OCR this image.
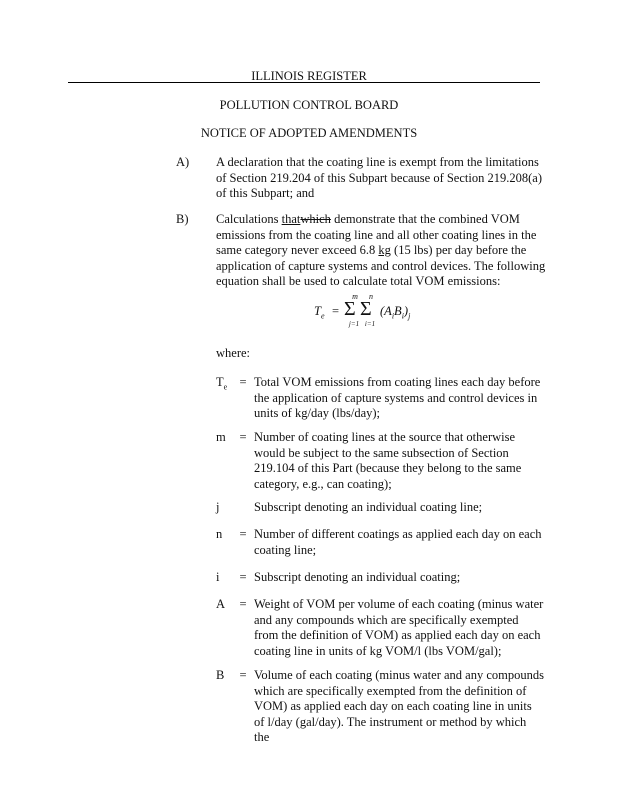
ILLINOIS REGISTER
POLLUTION CONTROL BOARD
NOTICE OF ADOPTED AMENDMENTS
A) A declaration that the coating line is exempt from the limitations of Section 219.204 of this Subpart because of Section 219.208(a) of this Subpart; and
B) Calculations thatwhich demonstrate that the combined VOM emissions from the coating line and all other coating lines in the same category never exceed 6.8 kg (15 lbs) per day before the application of capture systems and control devices. The following equation shall be used to calculate total VOM emissions:
$T_e$ =
m
Σ
j=1
n
Σ
i=1
$(A_iB_i)_j$
where:
$T_e$ = Total VOM emissions from coating lines each day before the application of capture systems and control devices in units of kg/day (lbs/day);
m	= Number of coating lines at the source that otherwise would be subject to the same subsection of Section 219.104 of this Part (because they belong to the same category, e.g., can coating);
j	Subscript denoting an individual coating line;
n	= Number of different coatings as applied each day on each coating line;
i	= Subscript denoting an individual coating;
A	= Weight of VOM per volume of each coating (minus water and any compounds which are specifically exempted from the definition of VOM) as applied each day on each coating line in units of kg VOM/l (lbs VOM/gal);
B	= Volume of each coating (minus water and any compounds which are specifically exempted from the definition of VOM) as applied each day on each coating line in units of l/day (gal/day). The instrument or method by which the
